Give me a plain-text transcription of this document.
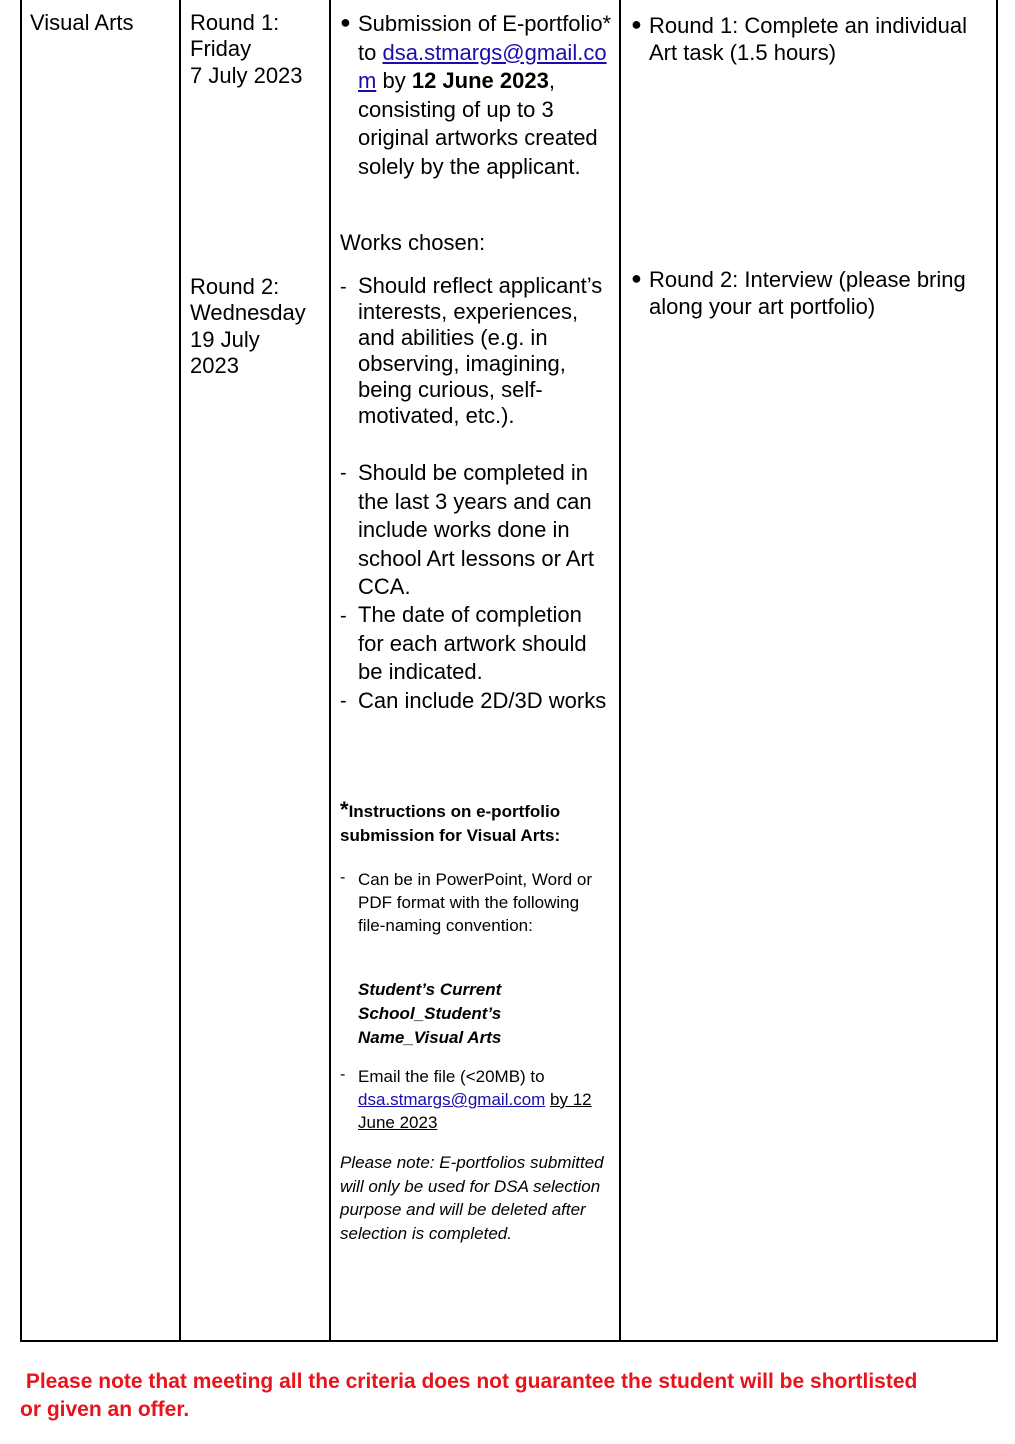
Visual Arts	Round 1:
Friday
7 July 2023
Round 2:
Wednesday
19 July
2023
● Submission of E-portfolio* to dsa.stmargs@gmail.com by 12 June 2023, consisting of up to 3 original artworks created solely by the applicant.
Works chosen:
- Should reflect applicant’s interests, experiences, and abilities (e.g. in observing, imagining, being curious, self-motivated, etc.).
- Should be completed in the last 3 years and can include works done in school Art lessons or Art CCA.
- The date of completion for each artwork should be indicated.
- Can include 2D/3D works
*Instructions on e-portfolio submission for Visual Arts:
- Can be in PowerPoint, Word or PDF format with the following file-naming convention:
Student’s Current School_Student’s Name_Visual Arts
- Email the file (<20MB) to dsa.stmargs@gmail.com by 12 June 2023
Please note: E-portfolios submitted will only be used for DSA selection purpose and will be deleted after selection is completed.
● Round 1: Complete an individual Art task (1.5 hours)
● Round 2: Interview (please bring along your art portfolio)
Please note that meeting all the criteria does not guarantee the student will be shortlisted or given an offer.
